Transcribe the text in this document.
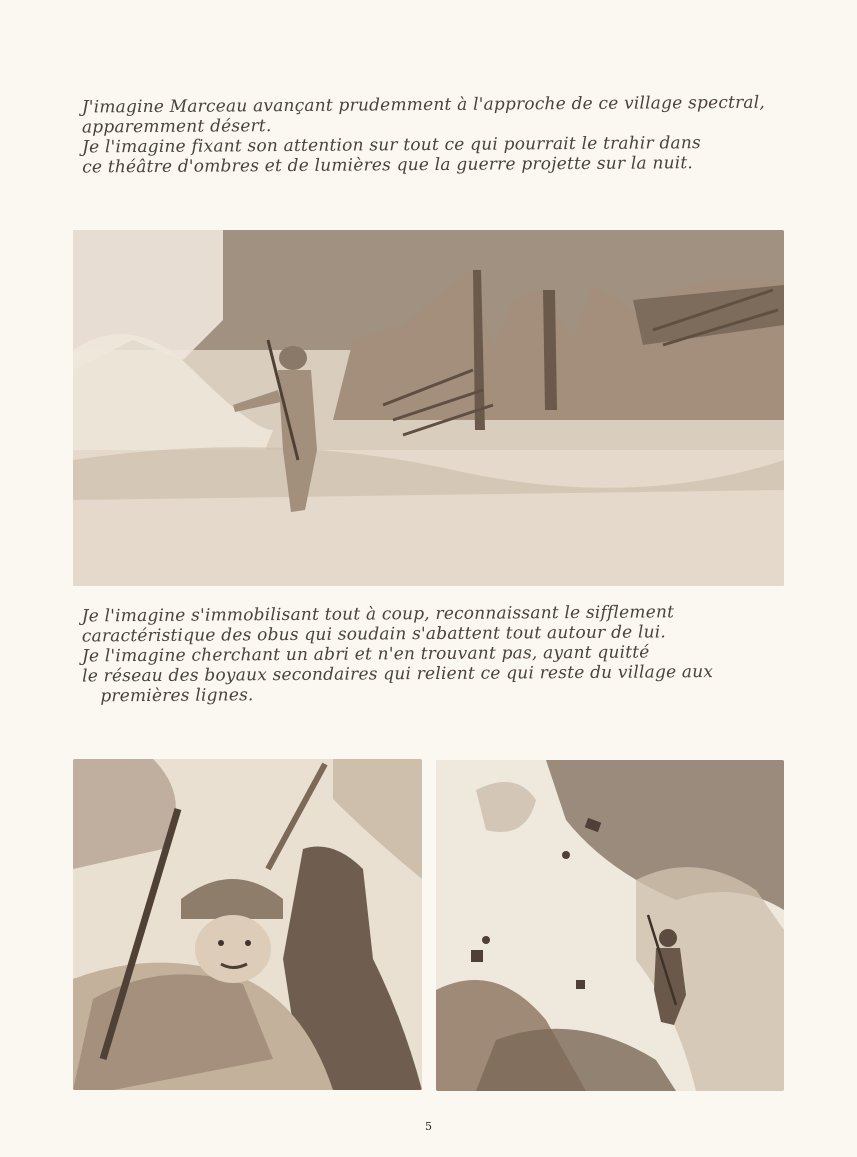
J'imagine Marceau avançant prudemment à l'approche de ce village spectral,

apparemment désert.

Je l'imagine fixant son attention sur tout ce qui pourrait le trahir dans

ce théâtre d'ombres et de lumières que la guerre projette sur la nuit.

Je l'imagine s'immobilisant tout à coup, reconnaissant le sifflement

caractéristique des obus qui soudain s'abattent tout autour de lui.

Je l'imagine cherchant un abri et n'en trouvant pas, ayant quitté

le réseau des boyaux secondaires qui relient ce qui reste du village aux

premières lignes.

5
